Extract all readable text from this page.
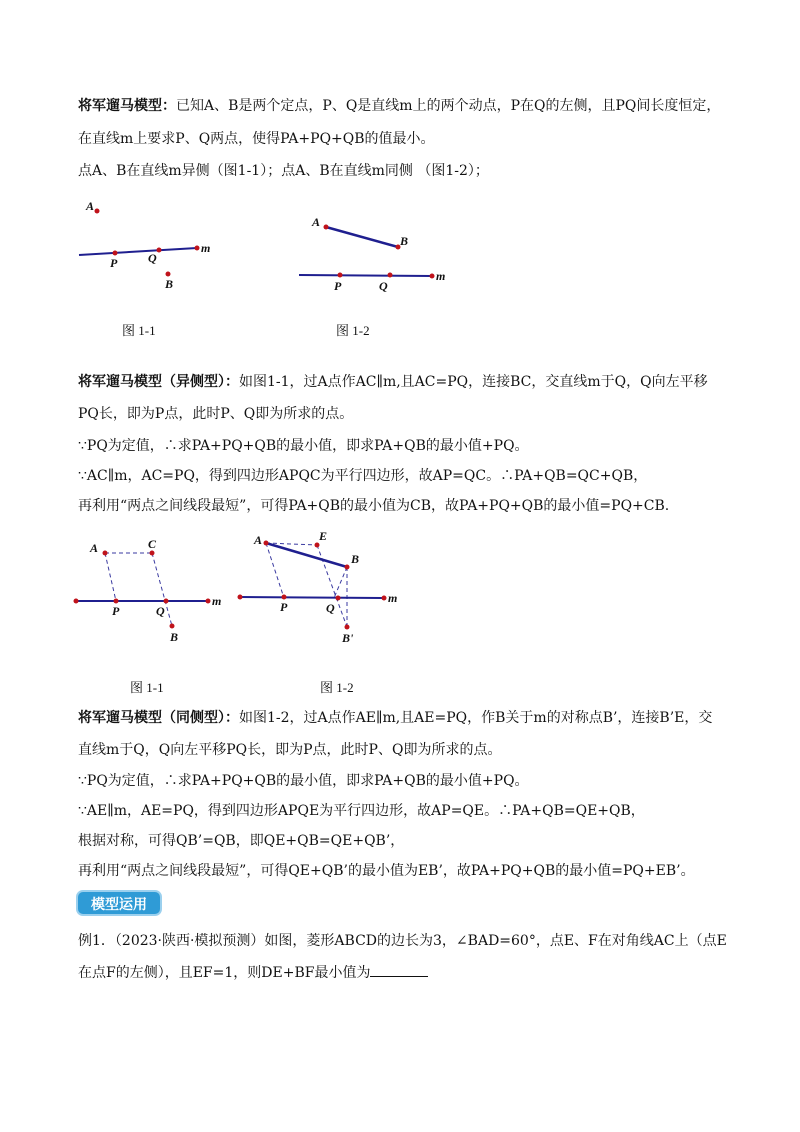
将军遛马模型：已知A、B是两个定点，P、Q是直线m上的两个动点，P在Q的左侧，且PQ间长度恒定，
在直线m上要求P、Q两点，使得PA+PQ+QB的值最小。
点A、B在直线m异侧（图1-1）；点A、B在直线m同侧 （图1-2）；
A
P	Q
m
B
图 1-1
A
B
P	Q
m
图 1-2
将军遛马模型（异侧型）：如图1-1，过A点作AC∥m,且AC=PQ，连接BC，交直线m于Q，Q向左平移
PQ长，即为P点，此时P、Q即为所求的点。
∵PQ为定值，∴求PA+PQ+QB的最小值，即求PA+QB的最小值+PQ。
∵AC∥m，AC=PQ，得到四边形APQC为平行四边形，故AP=QC。∴PA+QB=QC+QB，
再利用“两点之间线段最短”，可得PA+QB的最小值为CB，故PA+PQ+QB的最小值=PQ+CB.
A	C
P	Q
B
m
图 1-1
A	E
B
P	Q
B'
m
图 1-2
将军遛马模型（同侧型）：如图1-2，过A点作AE∥m,且AE=PQ，作B关于m的对称点B’，连接B’E，交
直线m于Q，Q向左平移PQ长，即为P点，此时P、Q即为所求的点。
∵PQ为定值，∴求PA+PQ+QB的最小值，即求PA+QB的最小值+PQ。
∵AE∥m，AE=PQ，得到四边形APQE为平行四边形，故AP=QE。∴PA+QB=QE+QB，
根据对称，可得QB’=QB，即QE+QB=QE+QB’，
再利用“两点之间线段最短”，可得QE+QB’的最小值为EB’，故PA+PQ+QB的最小值=PQ+EB’。
模型运用
例1．（2023·陕西·模拟预测）如图，菱形ABCD的边长为3，∠BAD=60°，点E、F在对角线AC上（点E
在点F的左侧），且EF=1，则DE+BF最小值为
